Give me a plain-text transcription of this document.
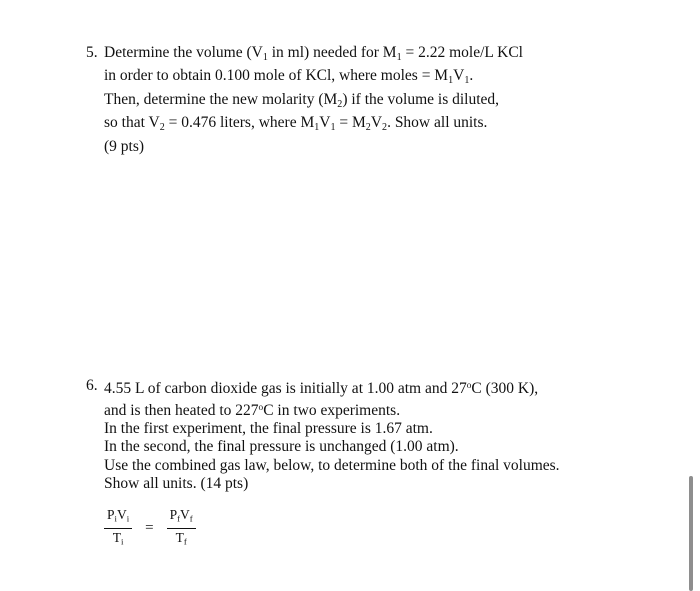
5. Determine the volume ($V_1$ in ml) needed for $M_1 = 2.22$ mole/L KCl
in order to obtain 0.100 mole of KCl, where moles = $M_1V_1$.
Then, determine the new molarity $(M_2)$ if the volume is diluted,
so that $V_2 = 0.476$ liters, where $M_1V_1 = M_2V_2$. Show all units.
(9 pts)
6. 4.55 L of carbon dioxide gas is initially at 1.00 atm and 27$^o$C (300 K),
and is then heated to 227$^o$C in two experiments.
In the first experiment, the final pressure is 1.67 atm.
In the second, the final pressure is unchanged (1.00 atm).
Use the combined gas law, below, to determine both of the final volumes.
Show all units. (14 pts)
$\frac{P_iV_i}{T_i} = \frac{P_fV_f}{T_f}$
